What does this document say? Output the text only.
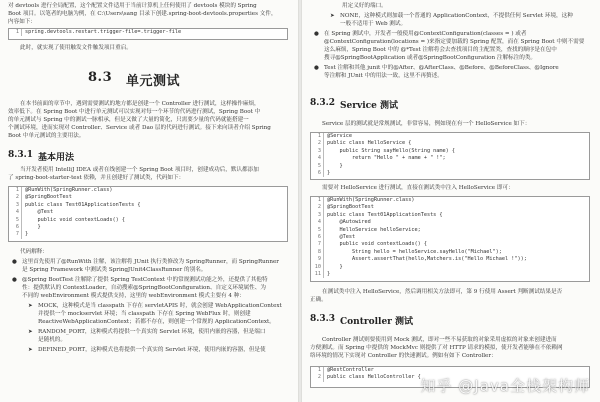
对 devtools 进行全局配置，这个配置文件适用于当前计算机上任何使用了 devtools 模块的 Spring
Boot 项目。以笔者的电脑为例，在 C:\Users\sang 目录下创建.spring-boot-devtools.properties 文件，
内容如下：
1 spring.devtools.restart.trigger-file=.trigger-file
此时，就实现了使用触发文件触发项目重启。
8.3 单元测试
在本书前面的章节中，遇到需要测试的地方都是创建一个 Controller 进行测试，这样操作麻烦，
效率低下。在 Spring Boot 中进行单元测试可以实现对每一个环节的代码进行测试，Spring Boot 中
的单元测试与 Spring 中的测试一脉相承，但是又做了大量的简化，只需要少量的代码就能搭建一
个测试环境，进而实现对 Controller、Service 或者 Dao 层的代码进行测试。接下来向读者介绍 Spring
Boot 中单元测试的主要用法。
8.3.1 基本用法
当开发者使用 IntelliJ IDEA 或者在线创建一个 Spring Boot 项目时，创建成功后，默认都添加
了 spring-boot-starter-test 依赖，并且创建好了测试类，代码如下：
1 @RunWith(SpringRunner.class)
2 @SpringBootTest
3 public class Test01ApplicationTests {
4    @Test
5    public void contextLoads() {
6    }
7 }
代码解释：
● 这里首先使用了@RunWith 注解，该注解将 JUnit 执行类修改为 SpringRunner，而 SpringRunner
是 Spring Framework 中测试类 SpringJUnit4ClassRunner 的别名。
● @Spring BootTest 注解除了提供 Spring TestContext 中的常规测试功能之外，还提供了其他特
性：提供默认的 ContextLoader，自动搜索@SpringBootConfiguration、自定义环境属性、为
不同的 webEnvironment 模式提供支持，这里的 webEnvironment 模式主要有 4 种：
➤ MOCK，这种模式是当 classpath 下存在 servletAPIS 时，就会创建 WebApplicationContext
并提供一个 mockservlet 环境；当 classpath 下存在 Spring WebFlux 时，则创建
ReactiveWebApplicationContext；若都不存在，则创建一个常规的 ApplicationContext。
➤ RANDOM_PORT，这种模式将提供一个真实的 Servlet 环境，使用内嵌的容器，但是端口
是随机的。
➤ DEFINED_PORT，这种模式也将提供一个真实的 Servlet 环境，使用内嵌的容器，但是使
用定义好的端口。
➤ NONE，这种模式则加载一个普通的 ApplicationContext，不提供任何 Servlet 环境，这种
一般不适用于 Web 测试。
● 在 Spring 测试中，开发者一般使用@ContextConfiguration(classes = ) 或者
@ContextConfiguration(locations = )来指定要加载的 Spring 配置，而在 Spring Boot 中则不需要
这么麻烦，Spring Boot 中的 @*Test 注解将会去查找项目的主配置类，查找的顺序是在包中
搜寻@SpringBootApplication 或者@SpringBootConfiguration 注解标注的类。
● Test 注解和其他 junit 中的@After、@AfterClass、@Before、@BeforeClass、@Ignore
等注解和 JUnit 中的用法一致，这里不再赘述。
8.3.2 Service 测试
Service 层的测试就是常规测试，非常容易，例如现在有一个 HelloService 如下：
1 @Service
2 public class HelloService {
3    public String sayHello(String name) {
4        return "Hello " + name + " !";
5    }
6 }
需要对 HelloService 进行测试，直接在测试类中注入 HelloService 即可：
1 @RunWith(SpringRunner.class)
2 @SpringBootTest
3 public class Test01ApplicationTests {
4    @Autowired
5    HelloService helloService;
6    @Test
7    public void contextLoads() {
8        String hello = helloService.sayHello("Michael");
9        Assert.assertThat(hello,Matchers.is("Hello Michael !"));
10    }
11 }
在测试类中注入 HelloService，然后调用相关方法即可，第 9 行使用 Assert 判断测试结果是否
正确。
8.3.3 Controller 测试
Controller 测试则要使用到 Mock 测试，即对一些不易获取的对象采用虚拟的对象来创建进而
方便测试。而 Spring 中提供的 MockMvc 则提供了对 HTTP 请求的模拟，使开发者能够在不依赖网
络环境的情况下实现对 Controller 的快速测试。例如有如下 Controller：
1 @RestController
2 public class HelloController { 知乎 @Java全栈架构师
